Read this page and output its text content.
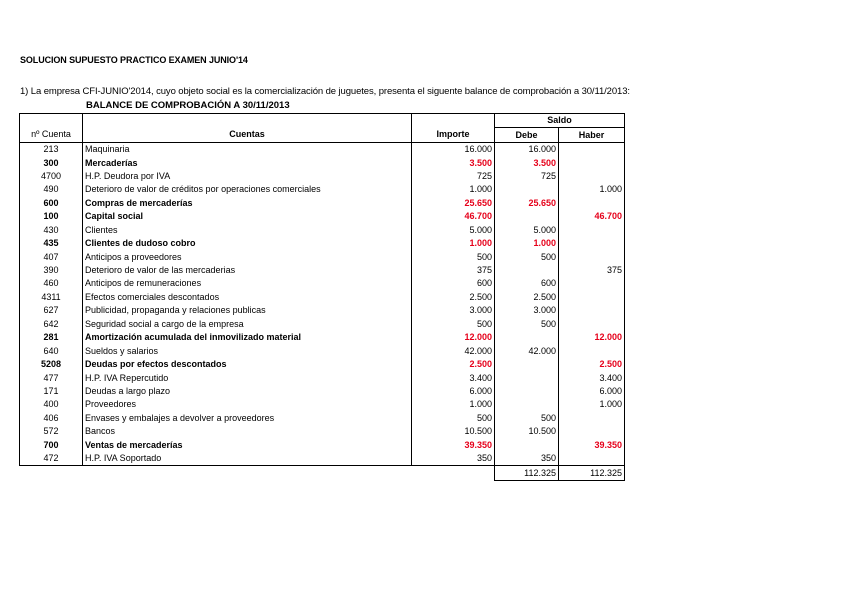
SOLUCION SUPUESTO PRACTICO EXAMEN JUNIO'14
1) La empresa CFI-JUNIO'2014, cuyo objeto social es la comercialización de juguetes, presenta el siguente balance de comprobación a 30/11/2013:
BALANCE DE COMPROBACIÓN A 30/11/2013
			Saldo	
nº Cuenta	Cuentas	Importe	Debe	Haber
213	Maquinaria	16.000	16.000	
300	Mercaderías	3.500	3.500	
4700	H.P. Deudora por IVA	725	725	
490	Deterioro de valor de créditos por operaciones comerciales	1.000		1.000
600	Compras de mercaderías	25.650	25.650	
100	Capital social	46.700		46.700
430	Clientes	5.000	5.000	
435	Clientes de dudoso cobro	1.000	1.000	
407	Anticipos a proveedores	500	500	
390	Deterioro de valor de las mercaderias	375		375
460	Anticipos de remuneraciones	600	600	
4311	Efectos comerciales descontados	2.500	2.500	
627	Publicidad, propaganda y relaciones publicas	3.000	3.000	
642	Seguridad social a cargo de la empresa	500	500	
281	Amortización acumulada del inmovilizado material	12.000		12.000
640	Sueldos y salarios	42.000	42.000	
5208	Deudas por efectos descontados	2.500		2.500
477	H.P. IVA Repercutido	3.400		3.400
171	Deudas a largo plazo	6.000		6.000
400	Proveedores	1.000		1.000
406	Envases y embalajes a devolver a proveedores	500	500	
572	Bancos	10.500	10.500	
700	Ventas de mercaderías	39.350		39.350
472	H.P. IVA Soportado	350	350	
			112.325	112.325
